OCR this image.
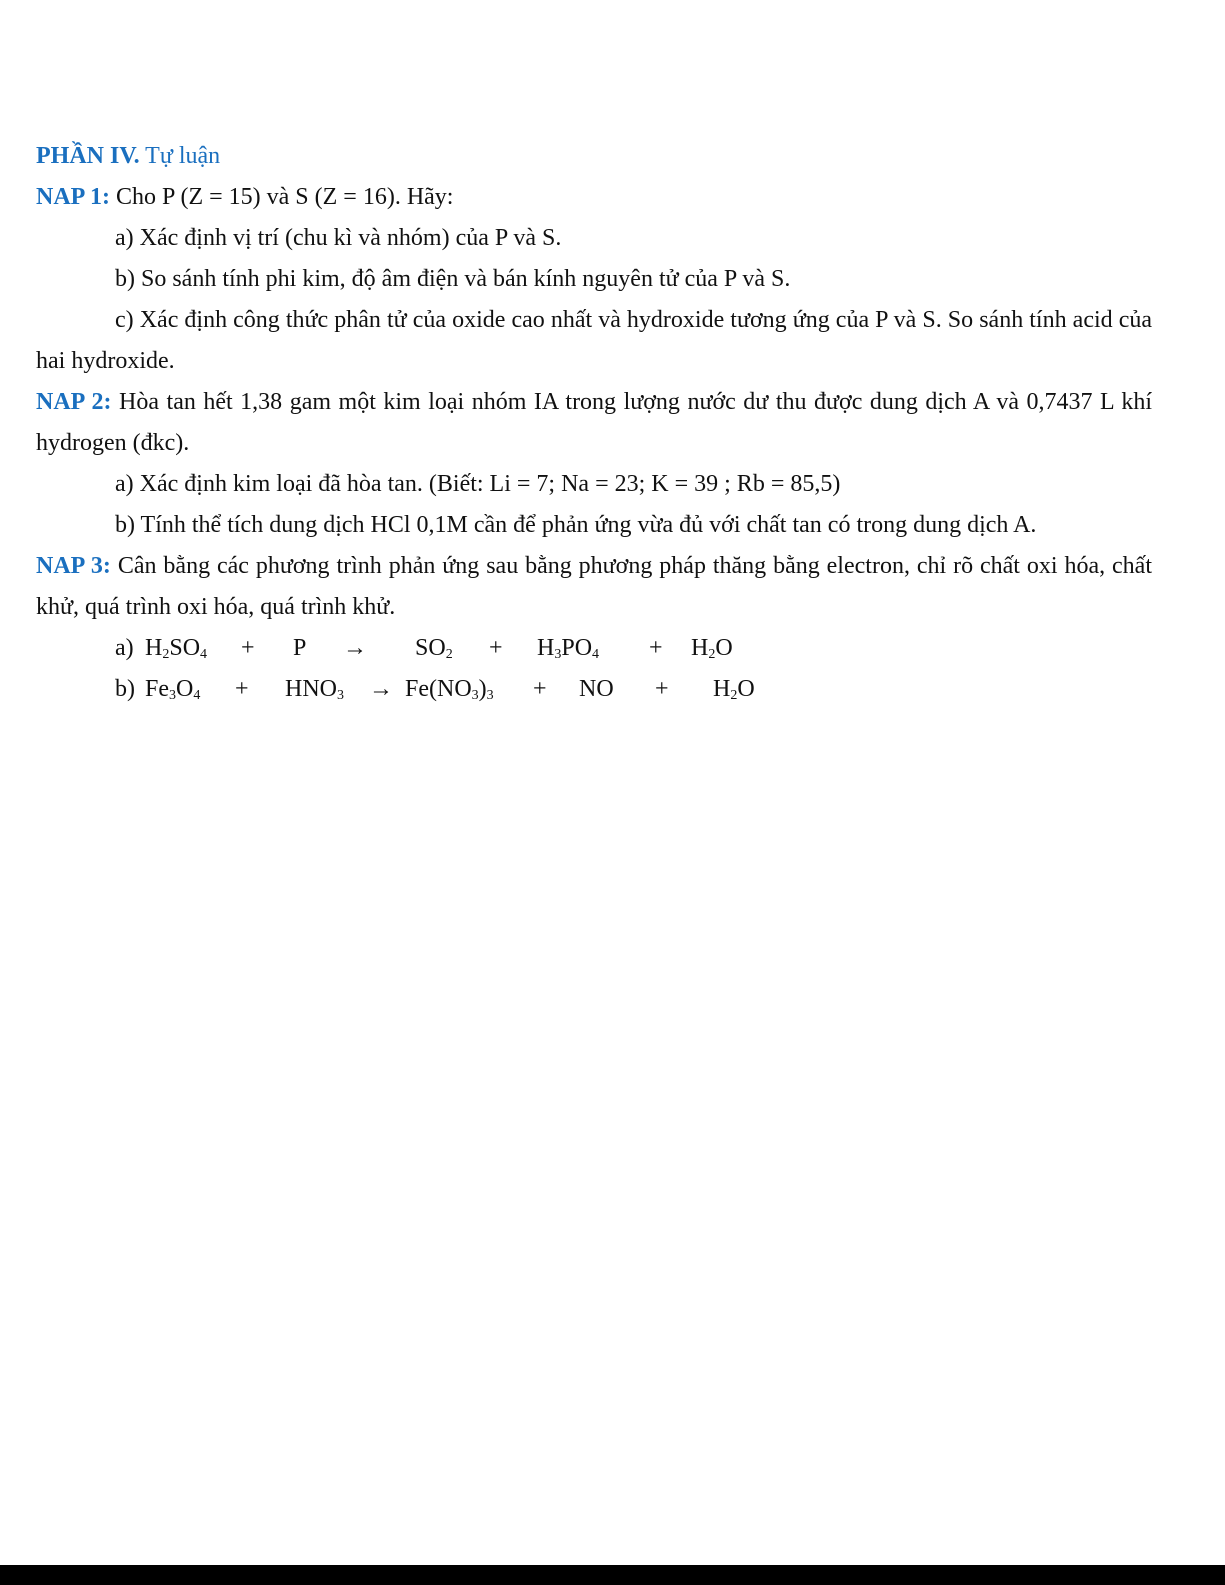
PHẦN IV. Tự luận
NAP 1: Cho P (Z = 15) và S (Z = 16). Hãy:
a) Xác định vị trí (chu kì và nhóm) của P và S.
b) So sánh tính phi kim, độ âm điện và bán kính nguyên tử của P và S.
c) Xác định công thức phân tử của oxide cao nhất và hydroxide tương ứng của P và S. So sánh tính acid của hai hydroxide.
NAP 2: Hòa tan hết 1,38 gam một kim loại nhóm IA trong lượng nước dư thu được dung dịch A và 0,7437 L khí hydrogen (đkc).
a) Xác định kim loại đã hòa tan. (Biết: Li = 7; Na = 23; K = 39 ; Rb = 85,5)
b) Tính thể tích dung dịch HCl 0,1M cần để phản ứng vừa đủ với chất tan có trong dung dịch A.
NAP 3: Cân bằng các phương trình phản ứng sau bằng phương pháp thăng bằng electron, chỉ rõ chất oxi hóa, chất khử, quá trình oxi hóa, quá trình khử.
a) $H_2SO_4$	+	P	→	$SO_2$	+	$H_3PO_4$	+	$H_2O$
b) $Fe_3O_4$	+	$HNO_3$	→ $Fe(NO_3)_3$	+	NO	+	$H_2O$
